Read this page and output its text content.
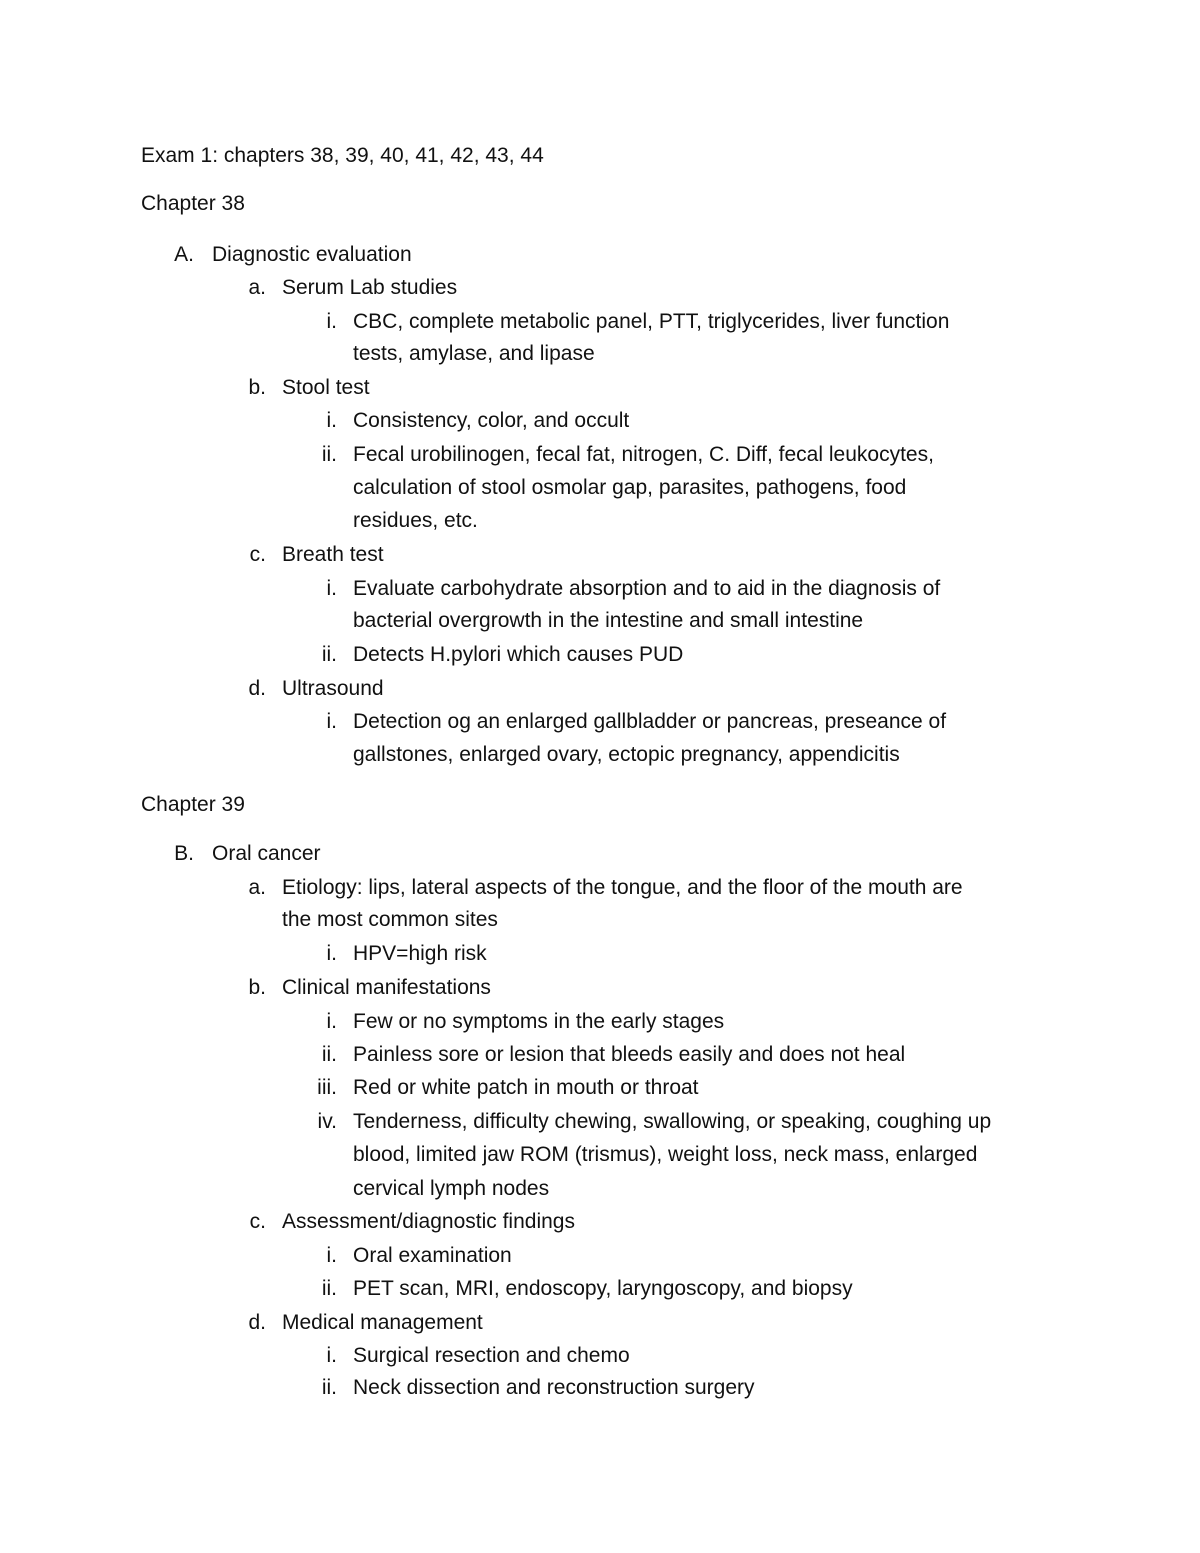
Exam 1: chapters 38, 39, 40, 41, 42, 43, 44
Chapter 38
A. Diagnostic evaluation
a. Serum Lab studies
i. CBC, complete metabolic panel, PTT, triglycerides, liver function
tests, amylase, and lipase
b. Stool test
i. Consistency, color, and occult
ii. Fecal urobilinogen, fecal fat, nitrogen, C. Diff, fecal leukocytes,
calculation of stool osmolar gap, parasites, pathogens, food
residues, etc.
c. Breath test
i. Evaluate carbohydrate absorption and to aid in the diagnosis of
bacterial overgrowth in the intestine and small intestine
ii. Detects H.pylori which causes PUD
d. Ultrasound
i. Detection og an enlarged gallbladder or pancreas, preseance of
gallstones, enlarged ovary, ectopic pregnancy, appendicitis
Chapter 39
B. Oral cancer
a. Etiology: lips, lateral aspects of the tongue, and the floor of the mouth are
the most common sites
i. HPV=high risk
b. Clinical manifestations
i. Few or no symptoms in the early stages
ii. Painless sore or lesion that bleeds easily and does not heal
iii. Red or white patch in mouth or throat
iv. Tenderness, difficulty chewing, swallowing, or speaking, coughing up
blood, limited jaw ROM (trismus), weight loss, neck mass, enlarged
cervical lymph nodes
c. Assessment/diagnostic findings
i. Oral examination
ii. PET scan, MRI, endoscopy, laryngoscopy, and biopsy
d. Medical management
i. Surgical resection and chemo
ii. Neck dissection and reconstruction surgery
